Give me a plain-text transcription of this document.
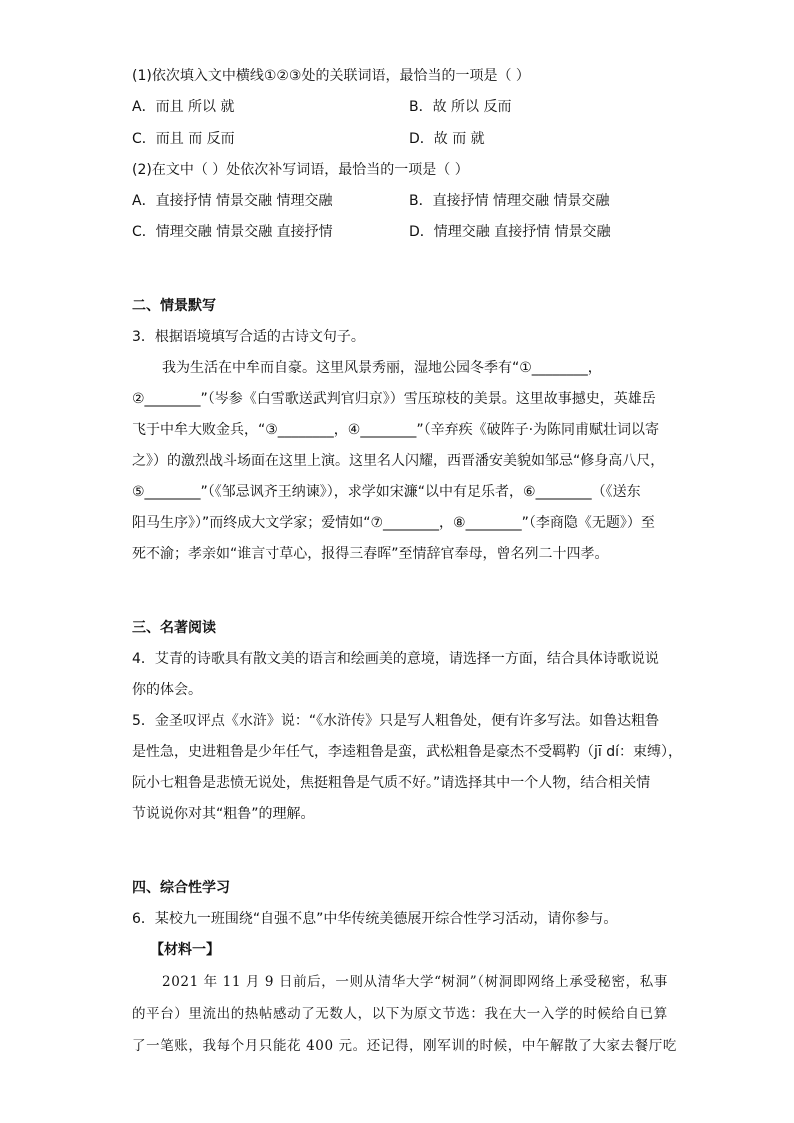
(1)依次填入文中横线①②③处的关联词语，最恰当的一项是（ ）
A．而且 所以 就	B．故 所以 反而
C．而且 而 反而	D．故 而 就
(2)在文中（ ）处依次补写词语，最恰当的一项是（ ）
A．直接抒情 情景交融 情理交融	B．直接抒情 情理交融 情景交融
C．情理交融 情景交融 直接抒情	D．情理交融 直接抒情 情景交融
二、情景默写
3．根据语境填写合适的古诗文句子。
我为生活在中牟而自豪。这里风景秀丽，湿地公园冬季有“①________，
②________”（岑参《白雪歌送武判官归京》）雪压琼枝的美景。这里故事撼史，英雄岳
飞于中牟大败金兵，“③________，④________”（辛弃疾《破阵子·为陈同甫赋壮词以寄
之》）的激烈战斗场面在这里上演。这里名人闪耀，西晋潘安美貌如邹忌“修身高八尺，
⑤________”（《邹忌讽齐王纳谏》），求学如宋濂“以中有足乐者，⑥________（《送东
阳马生序》）”而终成大文学家；爱情如“⑦________，⑧________”（李商隐《无题》）至
死不渝；孝亲如“谁言寸草心，报得三春晖”至情辞官奉母，曾名列二十四孝。
三、名著阅读
4．艾青的诗歌具有散文美的语言和绘画美的意境，请选择一方面，结合具体诗歌说说
你的体会。
5．金圣叹评点《水浒》说：“《水浒传》只是写人粗鲁处，便有许多写法。如鲁达粗鲁
是性急，史进粗鲁是少年任气，李逵粗鲁是蛮，武松粗鲁是豪杰不受羁靮（jī dí：束缚），
阮小七粗鲁是悲愤无说处，焦挺粗鲁是气质不好。”请选择其中一个人物，结合相关情
节说说你对其“粗鲁”的理解。
四、综合性学习
6．某校九一班围绕“自强不息”中华传统美德展开综合性学习活动，请你参与。
【材料一】
2021 年 11 月 9 日前后，一则从清华大学“树洞”（树洞即网络上承受秘密，私事
的平台）里流出的热帖感动了无数人，以下为原文节选：我在大一入学的时候给自已算
了一笔账，我每个月只能花 400 元。还记得，刚军训的时候，中午解散了大家去餐厅吃
